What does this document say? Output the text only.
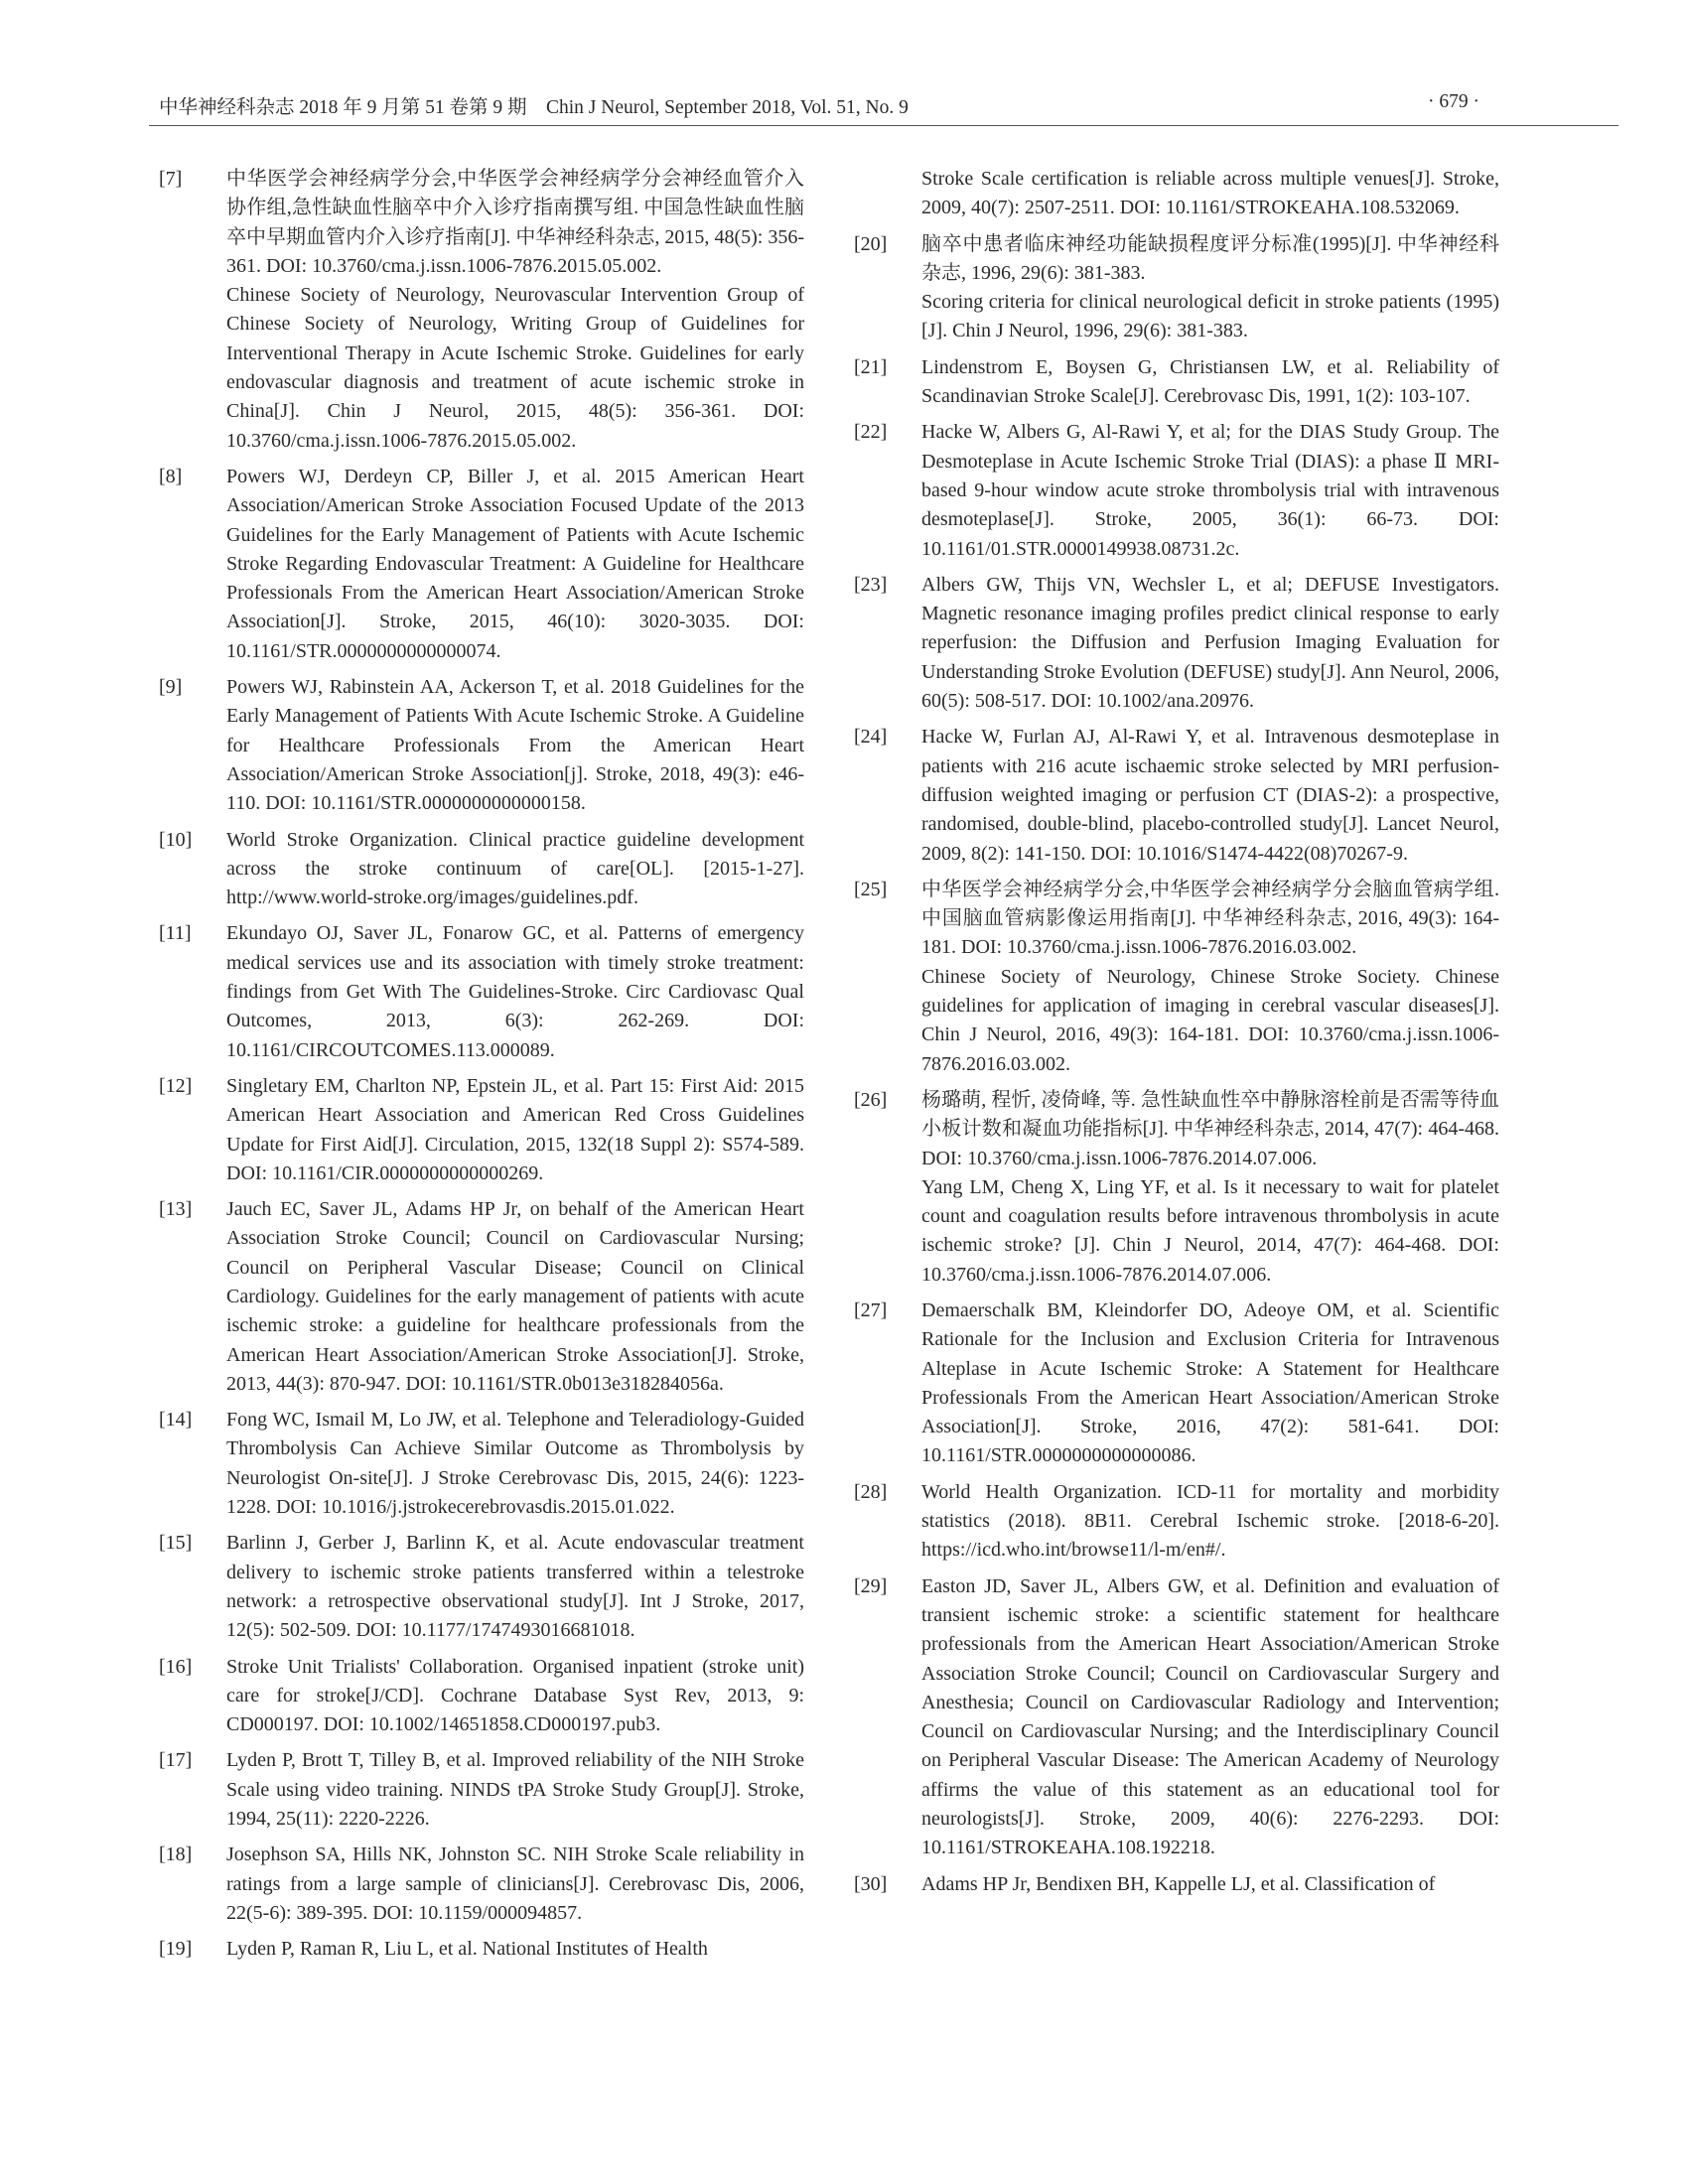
中华神经科杂志 2018 年 9 月第 51 卷第 9 期　Chin J Neurol, September 2018, Vol. 51, No. 9	· 679 ·
[7]	中华医学会神经病学分会,中华医学会神经病学分会神经血管介入协作组,急性缺血性脑卒中介入诊疗指南撰写组. 中国急性缺血性脑卒中早期血管内介入诊疗指南[J]. 中华神经科杂志, 2015, 48(5): 356-361. DOI: 10.3760/cma.j.issn.1006-7876.2015.05.002.

Chinese Society of Neurology, Neurovascular Intervention Group of Chinese Society of Neurology, Writing Group of Guidelines for Interventional Therapy in Acute Ischemic Stroke. Guidelines for early endovascular diagnosis and treatment of acute ischemic stroke in China[J]. Chin J Neurol, 2015, 48(5): 356-361. DOI: 10.3760/cma.j.issn.1006-7876.2015.05.002.

[8]	Powers WJ, Derdeyn CP, Biller J, et al. 2015 American Heart Association/American Stroke Association Focused Update of the 2013 Guidelines for the Early Management of Patients with Acute Ischemic Stroke Regarding Endovascular Treatment: A Guideline for Healthcare Professionals From the American Heart Association/American Stroke Association[J]. Stroke, 2015, 46(10): 3020-3035. DOI: 10.1161/STR.0000000000000074.

[9]	Powers WJ, Rabinstein AA, Ackerson T, et al. 2018 Guidelines for the Early Management of Patients With Acute Ischemic Stroke. A Guideline for Healthcare Professionals From the American Heart Association/American Stroke Association[j]. Stroke, 2018, 49(3): e46-110. DOI: 10.1161/STR.0000000000000158.

[10]	World Stroke Organization. Clinical practice guideline development across the stroke continuum of care[OL]. [2015-1-27]. http://www.world-stroke.org/images/guidelines.pdf.

[11]	Ekundayo OJ, Saver JL, Fonarow GC, et al. Patterns of emergency medical services use and its association with timely stroke treatment: findings from Get With The Guidelines-Stroke. Circ Cardiovasc Qual Outcomes, 2013, 6(3): 262-269. DOI: 10.1161/CIRCOUTCOMES.113.000089.

[12]	Singletary EM, Charlton NP, Epstein JL, et al. Part 15: First Aid: 2015 American Heart Association and American Red Cross Guidelines Update for First Aid[J]. Circulation, 2015, 132(18 Suppl 2): S574-589. DOI: 10.1161/CIR.0000000000000269.

[13]	Jauch EC, Saver JL, Adams HP Jr, on behalf of the American Heart Association Stroke Council; Council on Cardiovascular Nursing; Council on Peripheral Vascular Disease; Council on Clinical Cardiology. Guidelines for the early management of patients with acute ischemic stroke: a guideline for healthcare professionals from the American Heart Association/American Stroke Association[J]. Stroke, 2013, 44(3): 870-947. DOI: 10.1161/STR.0b013e318284056a.

[14]	Fong WC, Ismail M, Lo JW, et al. Telephone and Teleradiology-Guided Thrombolysis Can Achieve Similar Outcome as Thrombolysis by Neurologist On-site[J]. J Stroke Cerebrovasc Dis, 2015, 24(6): 1223-1228. DOI: 10.1016/j.jstrokecerebrovasdis.2015.01.022.

[15]	Barlinn J, Gerber J, Barlinn K, et al. Acute endovascular treatment delivery to ischemic stroke patients transferred within a telestroke network: a retrospective observational study[J]. Int J Stroke, 2017, 12(5): 502-509. DOI: 10.1177/1747493016681018.

[16]	Stroke Unit Trialists' Collaboration. Organised inpatient (stroke unit) care for stroke[J/CD]. Cochrane Database Syst Rev, 2013, 9: CD000197. DOI: 10.1002/14651858.CD000197.pub3.

[17]	Lyden P, Brott T, Tilley B, et al. Improved reliability of the NIH Stroke Scale using video training. NINDS tPA Stroke Study Group[J]. Stroke, 1994, 25(11): 2220-2226.

[18]	Josephson SA, Hills NK, Johnston SC. NIH Stroke Scale reliability in ratings from a large sample of clinicians[J]. Cerebrovasc Dis, 2006, 22(5-6): 389-395. DOI: 10.1159/000094857.

[19]	Lyden P, Raman R, Liu L, et al. National Institutes of Health

Stroke Scale certification is reliable across multiple venues[J]. Stroke, 2009, 40(7): 2507-2511. DOI: 10.1161/STROKEAHA.108.532069.

[20]	脑卒中患者临床神经功能缺损程度评分标准(1995)[J]. 中华神经科杂志, 1996, 29(6): 381-383.

Scoring criteria for clinical neurological deficit in stroke patients (1995)[J]. Chin J Neurol, 1996, 29(6): 381-383.

[21]	Lindenstrom E, Boysen G, Christiansen LW, et al. Reliability of Scandinavian Stroke Scale[J]. Cerebrovasc Dis, 1991, 1(2): 103-107.

[22]	Hacke W, Albers G, Al-Rawi Y, et al; for the DIAS Study Group. The Desmoteplase in Acute Ischemic Stroke Trial (DIAS): a phase Ⅱ MRI-based 9-hour window acute stroke thrombolysis trial with intravenous desmoteplase[J]. Stroke, 2005, 36(1): 66-73. DOI: 10.1161/01.STR.0000149938.08731.2c.

[23]	Albers GW, Thijs VN, Wechsler L, et al; DEFUSE Investigators. Magnetic resonance imaging profiles predict clinical response to early reperfusion: the Diffusion and Perfusion Imaging Evaluation for Understanding Stroke Evolution (DEFUSE) study[J]. Ann Neurol, 2006, 60(5): 508-517. DOI: 10.1002/ana.20976.

[24]	Hacke W, Furlan AJ, Al-Rawi Y, et al. Intravenous desmoteplase in patients with 216 acute ischaemic stroke selected by MRI perfusion-diffusion weighted imaging or perfusion CT (DIAS-2): a prospective, randomised, double-blind, placebo-controlled study[J]. Lancet Neurol, 2009, 8(2): 141-150. DOI: 10.1016/S1474-4422(08)70267-9.

[25]	中华医学会神经病学分会,中华医学会神经病学分会脑血管病学组. 中国脑血管病影像运用指南[J]. 中华神经科杂志, 2016, 49(3): 164-181. DOI: 10.3760/cma.j.issn.1006-7876.2016.03.002.

Chinese Society of Neurology, Chinese Stroke Society. Chinese guidelines for application of imaging in cerebral vascular diseases[J]. Chin J Neurol, 2016, 49(3): 164-181. DOI: 10.3760/cma.j.issn.1006-7876.2016.03.002.

[26]	杨璐萌, 程忻, 凌倚峰, 等. 急性缺血性卒中静脉溶栓前是否需等待血小板计数和凝血功能指标[J]. 中华神经科杂志, 2014, 47(7): 464-468. DOI: 10.3760/cma.j.issn.1006-7876.2014.07.006.

Yang LM, Cheng X, Ling YF, et al. Is it necessary to wait for platelet count and coagulation results before intravenous thrombolysis in acute ischemic stroke? [J]. Chin J Neurol, 2014, 47(7): 464-468. DOI: 10.3760/cma.j.issn.1006-7876.2014.07.006.

[27]	Demaerschalk BM, Kleindorfer DO, Adeoye OM, et al. Scientific Rationale for the Inclusion and Exclusion Criteria for Intravenous Alteplase in Acute Ischemic Stroke: A Statement for Healthcare Professionals From the American Heart Association/American Stroke Association[J]. Stroke, 2016, 47(2): 581-641. DOI: 10.1161/STR.0000000000000086.

[28]	World Health Organization. ICD-11 for mortality and morbidity statistics (2018). 8B11. Cerebral Ischemic stroke. [2018-6-20]. https://icd.who.int/browse11/l-m/en#/.

[29]	Easton JD, Saver JL, Albers GW, et al. Definition and evaluation of transient ischemic stroke: a scientific statement for healthcare professionals from the American Heart Association/American Stroke Association Stroke Council; Council on Cardiovascular Surgery and Anesthesia; Council on Cardiovascular Radiology and Intervention; Council on Cardiovascular Nursing; and the Interdisciplinary Council on Peripheral Vascular Disease: The American Academy of Neurology affirms the value of this statement as an educational tool for neurologists[J]. Stroke, 2009, 40(6): 2276-2293. DOI: 10.1161/STROKEAHA.108.192218.

[30]	Adams HP Jr, Bendixen BH, Kappelle LJ, et al. Classification of
